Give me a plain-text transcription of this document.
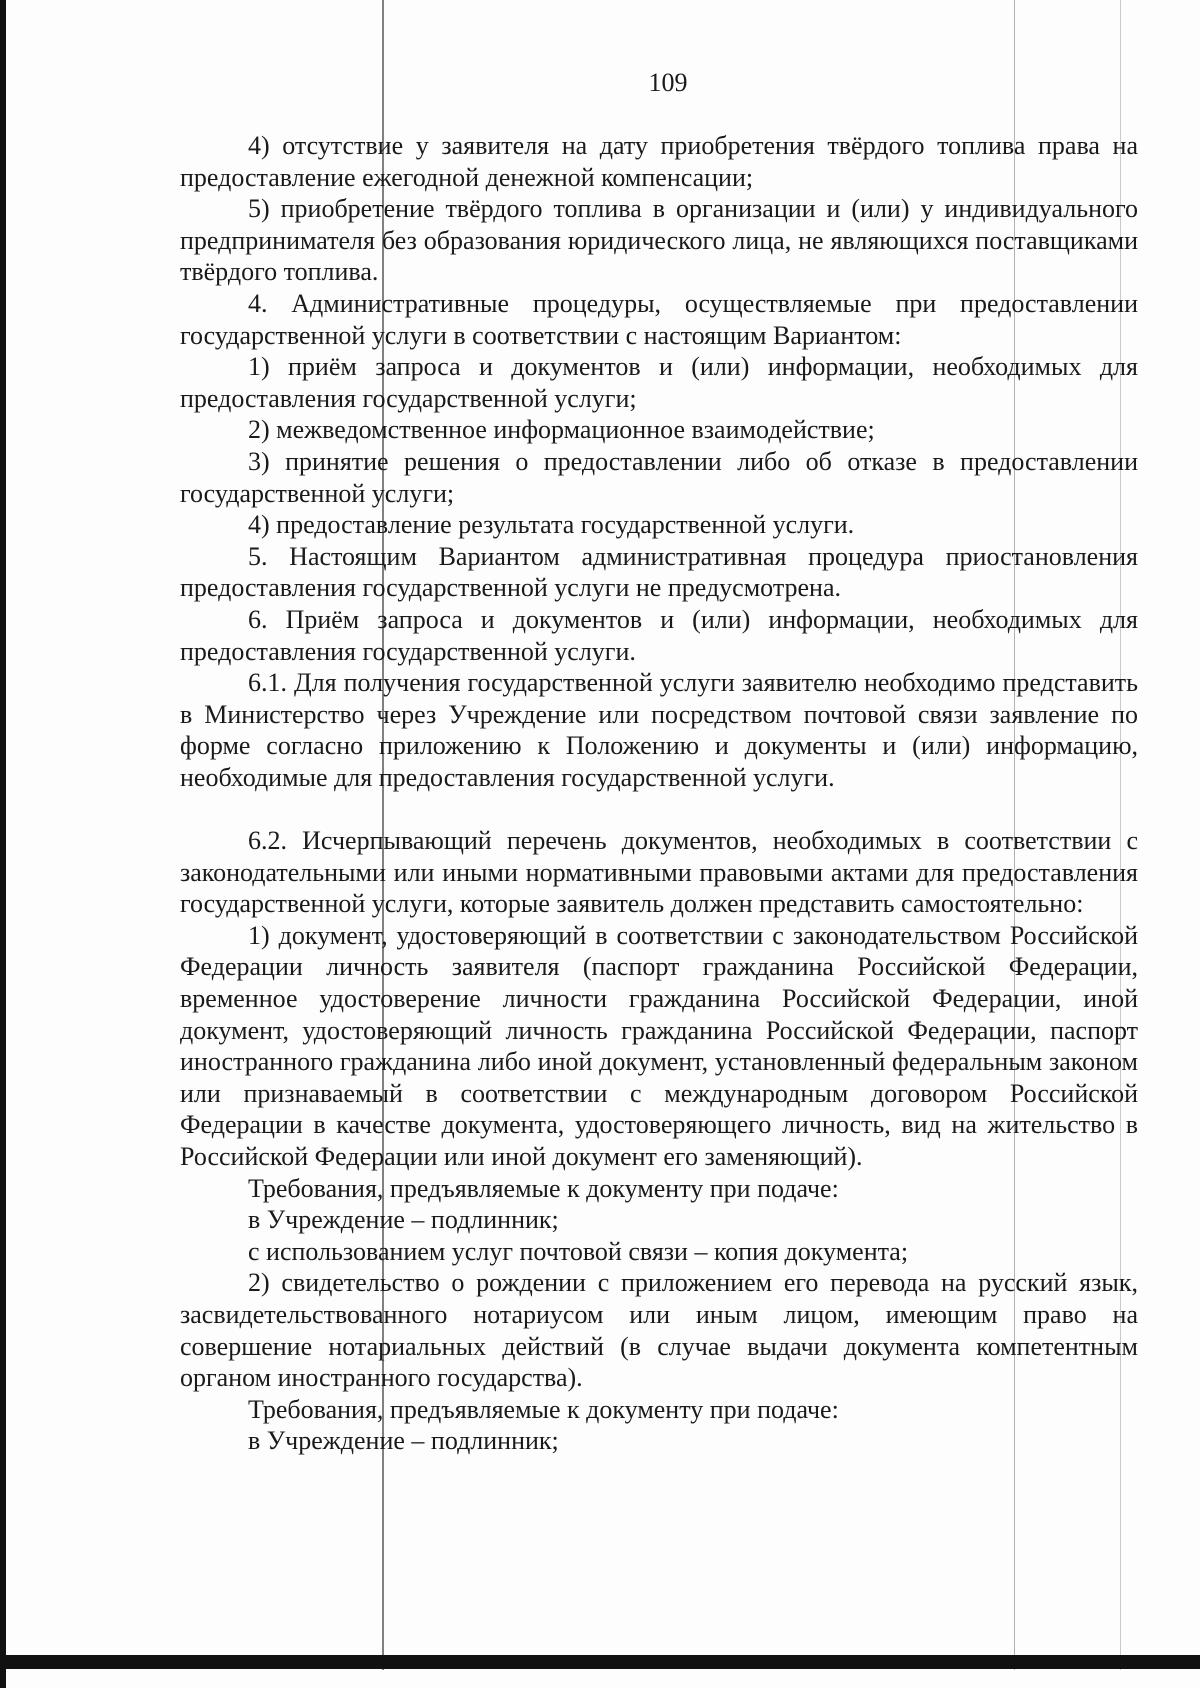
109

4) отсутствие у заявителя на дату приобретения твёрдого топлива права на предоставление ежегодной денежной компенсации;

5) приобретение твёрдого топлива в организации и (или) у индивидуального предпринимателя без образования юридического лица, не являющихся поставщиками твёрдого топлива.

4. Административные процедуры, осуществляемые при предоставлении государственной услуги в соответствии с настоящим Вариантом:

1) приём запроса и документов и (или) информации, необходимых для предоставления государственной услуги;

2) межведомственное информационное взаимодействие;

3) принятие решения о предоставлении либо об отказе в предоставлении государственной услуги;

4) предоставление результата государственной услуги.

5. Настоящим Вариантом административная процедура приостановления предоставления государственной услуги не предусмотрена.

6. Приём запроса и документов и (или) информации, необходимых для предоставления государственной услуги.

6.1. Для получения государственной услуги заявителю необходимо представить в Министерство через Учреждение или посредством почтовой связи заявление по форме согласно приложению к Положению и документы и (или) информацию, необходимые для предоставления государственной услуги.

6.2. Исчерпывающий перечень документов, необходимых в соответствии с законодательными или иными нормативными правовыми актами для предоставления государственной услуги, которые заявитель должен представить самостоятельно:

1) документ, удостоверяющий в соответствии с законодательством Российской Федерации личность заявителя (паспорт гражданина Российской Федерации, временное удостоверение личности гражданина Российской Федерации, иной документ, удостоверяющий личность гражданина Российской Федерации, паспорт иностранного гражданина либо иной документ, установленный федеральным законом или признаваемый в соответствии с международным договором Российской Федерации в качестве документа, удостоверяющего личность, вид на жительство в Российской Федерации или иной документ его заменяющий).

Требования, предъявляемые к документу при подаче:

в Учреждение – подлинник;

с использованием услуг почтовой связи – копия документа;

2) свидетельство о рождении с приложением его перевода на русский язык, засвидетельствованного нотариусом или иным лицом, имеющим право на совершение нотариальных действий (в случае выдачи документа компетентным органом иностранного государства).

Требования, предъявляемые к документу при подаче:

в Учреждение – подлинник;
